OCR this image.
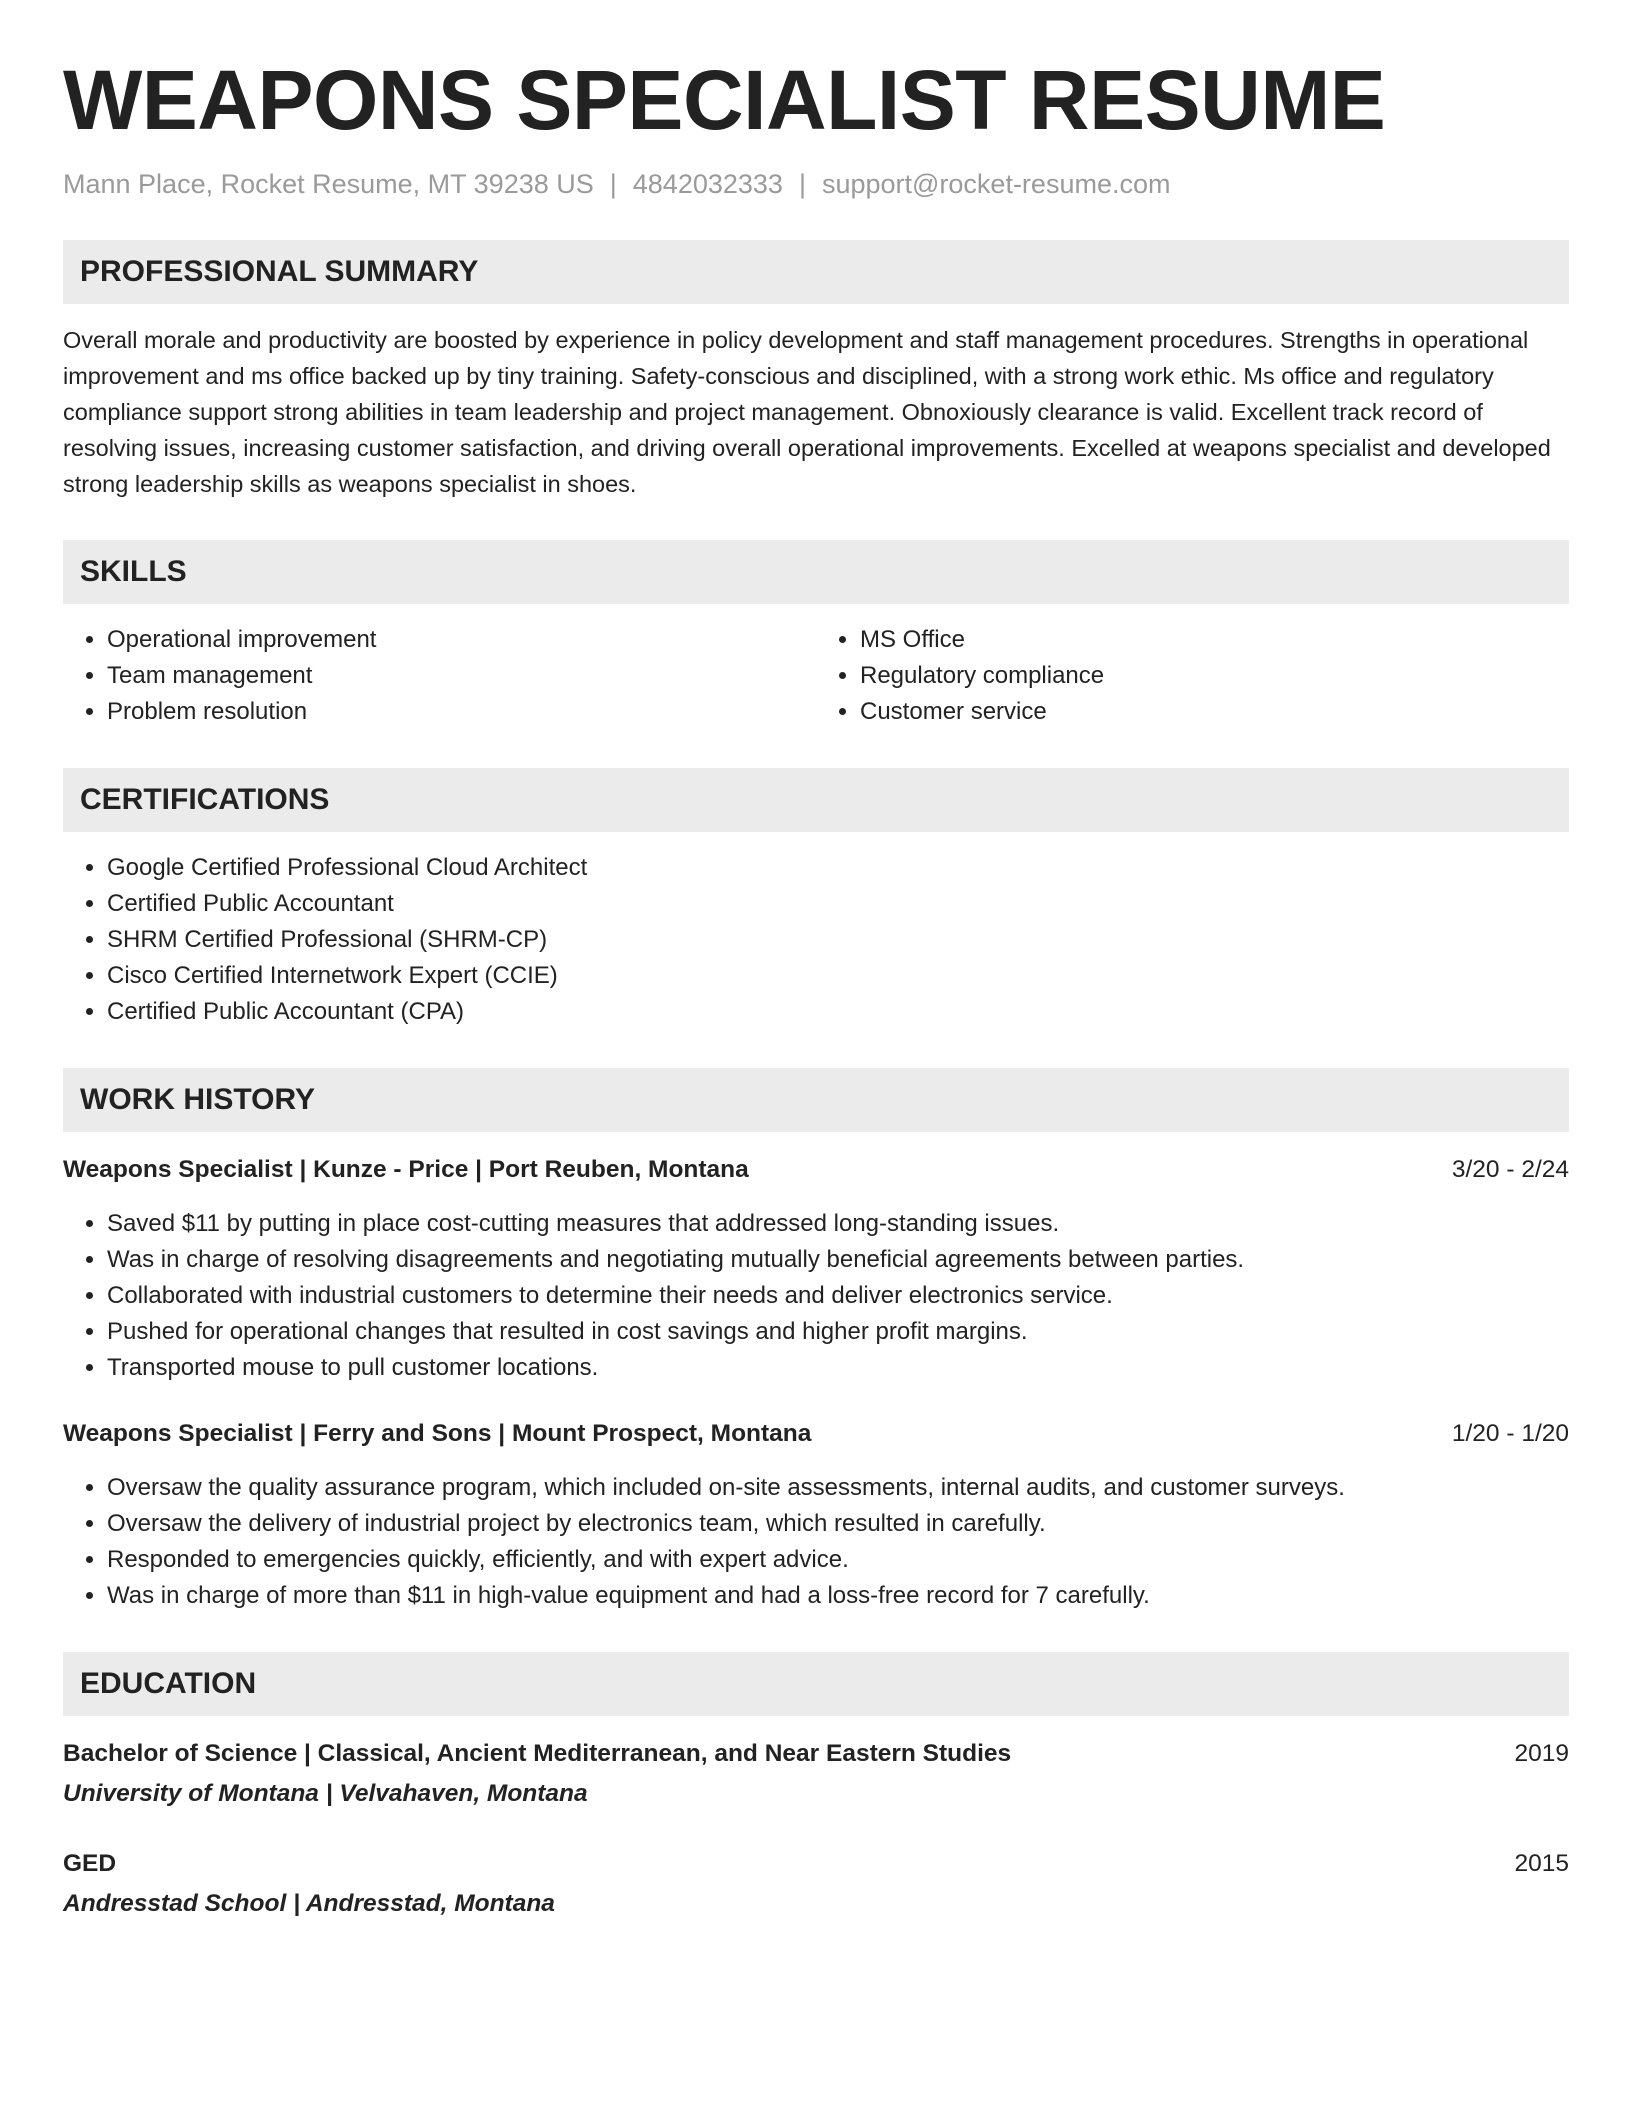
WEAPONS SPECIALIST RESUME
Mann Place, Rocket Resume, MT 39238 US | 4842032333 | support@rocket-resume.com
PROFESSIONAL SUMMARY

Overall morale and productivity are boosted by experience in policy development and staff management procedures. Strengths in operational improvement and ms office backed up by tiny training. Safety-conscious and disciplined, with a strong work ethic. Ms office and regulatory compliance support strong abilities in team leadership and project management. Obnoxiously clearance is valid. Excellent track record of resolving issues, increasing customer satisfaction, and driving overall operational improvements. Excelled at weapons specialist and developed strong leadership skills as weapons specialist in shoes.

SKILLS
• Operational improvement
• Team management
• Problem resolution
• MS Office
• Regulatory compliance
• Customer service
CERTIFICATIONS
• Google Certified Professional Cloud Architect
• Certified Public Accountant
• SHRM Certified Professional (SHRM-CP)
• Cisco Certified Internetwork Expert (CCIE)
• Certified Public Accountant (CPA)
WORK HISTORY
Weapons Specialist | Kunze - Price | Port Reuben, Montana	3/20 - 2/24
• Saved $11 by putting in place cost-cutting measures that addressed long-standing issues.
• Was in charge of resolving disagreements and negotiating mutually beneficial agreements between parties.
• Collaborated with industrial customers to determine their needs and deliver electronics service.
• Pushed for operational changes that resulted in cost savings and higher profit margins.
• Transported mouse to pull customer locations.
Weapons Specialist | Ferry and Sons | Mount Prospect, Montana	1/20 - 1/20
• Oversaw the quality assurance program, which included on-site assessments, internal audits, and customer surveys.
• Oversaw the delivery of industrial project by electronics team, which resulted in carefully.
• Responded to emergencies quickly, efficiently, and with expert advice.
• Was in charge of more than $11 in high-value equipment and had a loss-free record for 7 carefully.
EDUCATION
Bachelor of Science | Classical, Ancient Mediterranean, and Near Eastern Studies	2019
University of Montana | Velvahaven, Montana
GED	2015
Andresstad School | Andresstad, Montana
